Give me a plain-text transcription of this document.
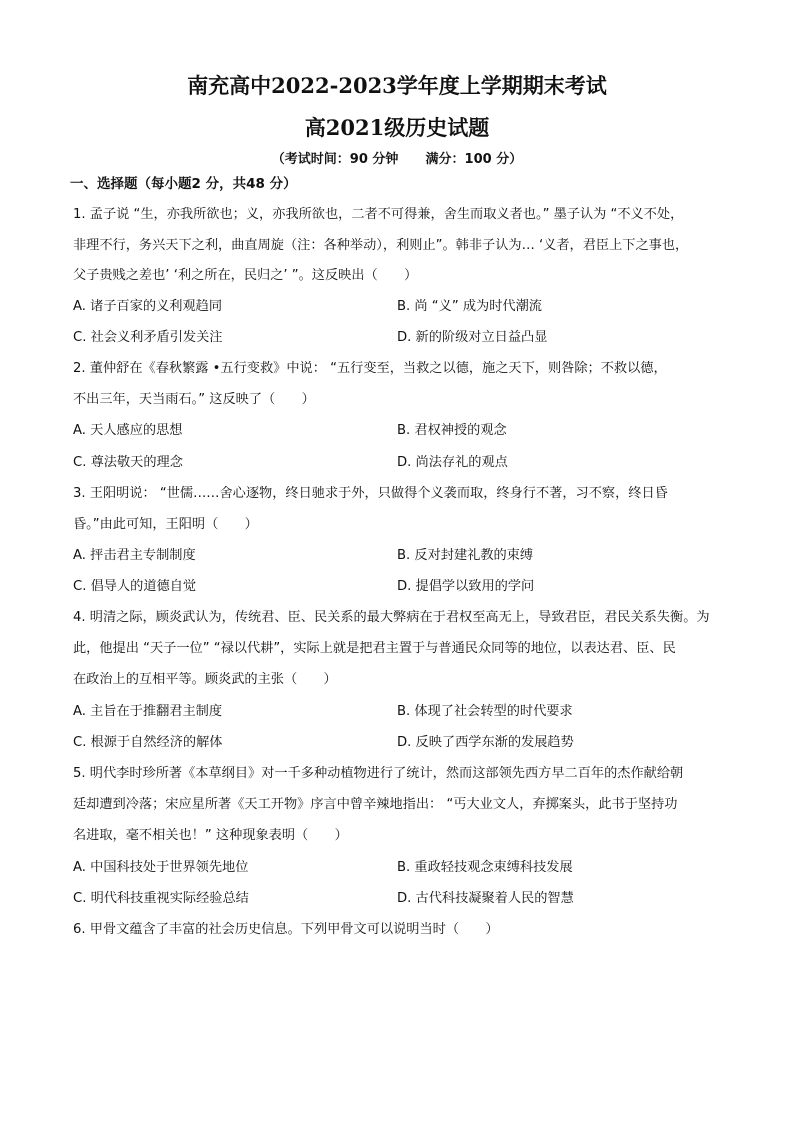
南充高中2022-2023学年度上学期期末考试
高2021级历史试题
（考试时间：90 分钟      满分：100 分）
一、选择题（每小题2 分，共48 分）
1. 孟子说 “生，亦我所欲也；义，亦我所欲也，二者不可得兼，舍生而取义者也。” 墨子认为 “不义不处，
非理不行，务兴天下之利，曲直周旋（注：各种举动），利则止”。韩非子认为… ‘义者，君臣上下之事也，
父子贵贱之差也’ ‘利之所在，民归之’ ”。这反映出（　　）
A. 诸子百家的义利观趋同	B. 尚 “义” 成为时代潮流
C. 社会义利矛盾引发关注	D. 新的阶级对立日益凸显
2. 董仲舒在《春秋繁露 •五行变救》中说： “五行变至，当救之以德，施之天下，则咎除；不救以德，
不出三年，天当雨石。” 这反映了（　　）
A. 天人感应的思想	B. 君权神授的观念
C. 尊法敬天的理念	D. 尚法存礼的观点
3. 王阳明说： “世儒……舍心逐物，终日驰求于外，只做得个义袭而取，终身行不著，习不察，终日昏
昏。”由此可知，王阳明（　　）
A. 抨击君主专制制度	B. 反对封建礼教的束缚
C. 倡导人的道德自觉	D. 提倡学以致用的学问
4. 明清之际，顾炎武认为，传统君、臣、民关系的最大弊病在于君权至高无上，导致君臣，君民关系失衡。为
此，他提出 “天子一位” “禄以代耕”，实际上就是把君主置于与普通民众同等的地位，以表达君、臣、民
在政治上的互相平等。顾炎武的主张（　　）
A. 主旨在于推翻君主制度	B. 体现了社会转型的时代要求
C. 根源于自然经济的解体	D. 反映了西学东渐的发展趋势
5. 明代李时珍所著《本草纲目》对一千多种动植物进行了统计，然而这部领先西方早二百年的杰作献给朝
廷却遭到冷落；宋应星所著《天工开物》序言中曾辛辣地指出： “丐大业文人，弃掷案头，此书于坚持功
名进取，毫不相关也！” 这种现象表明（　　）
A. 中国科技处于世界领先地位	B. 重政轻技观念束缚科技发展
C. 明代科技重视实际经验总结	D. 古代科技凝聚着人民的智慧
6. 甲骨文蕴含了丰富的社会历史信息。下列甲骨文可以说明当时（　　）
